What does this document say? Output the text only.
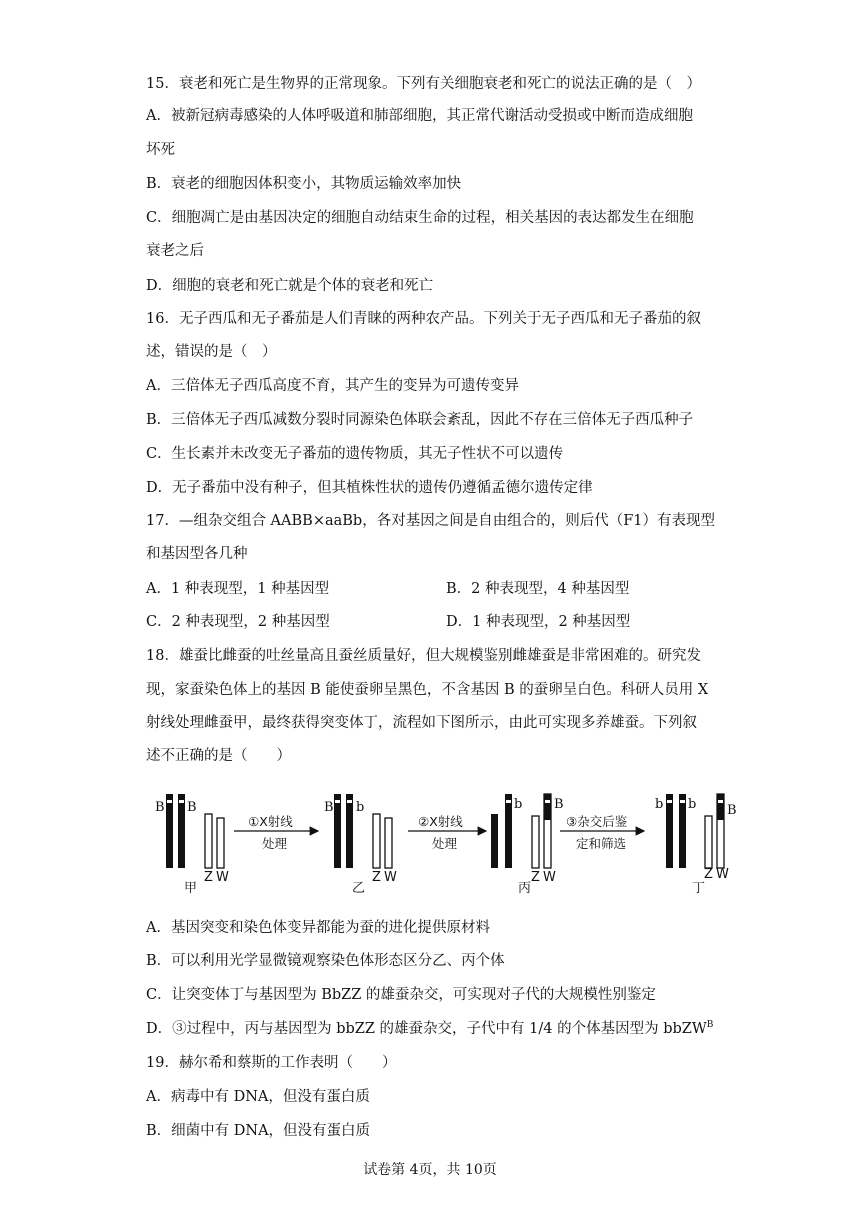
15．衰老和死亡是生物界的正常现象。下列有关细胞衰老和死亡的说法正确的是（　）
A．被新冠病毒感染的人体呼吸道和肺部细胞，其正常代谢活动受损或中断而造成细胞
坏死
B．衰老的细胞因体积变小，其物质运输效率加快
C．细胞凋亡是由基因决定的细胞自动结束生命的过程，相关基因的表达都发生在细胞
衰老之后
D．细胞的衰老和死亡就是个体的衰老和死亡
16．无子西瓜和无子番茄是人们青睐的两种农产品。下列关于无子西瓜和无子番茄的叙
述，错误的是（　）
A．三倍体无子西瓜高度不育，其产生的变异为可遗传变异
B．三倍体无子西瓜减数分裂时同源染色体联会紊乱，因此不存在三倍体无子西瓜种子
C．生长素并未改变无子番茄的遗传物质，其无子性状不可以遗传
D．无子番茄中没有种子，但其植株性状的遗传仍遵循孟德尔遗传定律
17．—组杂交组合 AABB×aaBb，各对基因之间是自由组合的，则后代（F1）有表现型
和基因型各几种
A．1 种表现型，1 种基因型	B．2 种表现型，4 种基因型
C．2 种表现型，2 种基因型	D．1 种表现型，2 种基因型
18．雄蚕比雌蚕的吐丝量高且蚕丝质量好，但大规模鉴别雌雄蚕是非常困难的。研究发
现，家蚕染色体上的基因 B 能使蚕卵呈黑色，不含基因 B 的蚕卵呈白色。科研人员用 X
射线处理雌蚕甲，最终获得突变体丁，流程如下图所示，由此可实现多养雄蚕。下列叙
述不正确的是（　　）
B B
Z W
甲
①X射线
处理
B b
Z W
乙
②X射线
处理
b B
Z W
丙
③杂交后鉴
定和筛选
b b B
Z W
丁
A．基因突变和染色体变异都能为蚕的进化提供原材料
B．可以利用光学显微镜观察染色体形态区分乙、丙个体
C．让突变体丁与基因型为 BbZZ 的雄蚕杂交，可实现对子代的大规模性别鉴定
D．③过程中，丙与基因型为 bbZZ 的雄蚕杂交，子代中有 1/4 的个体基因型为 bbZW$^B$
19．赫尔希和蔡斯的工作表明（　　）
A．病毒中有 DNA，但没有蛋白质
B．细菌中有 DNA，但没有蛋白质
试卷第 4页，共 10页
